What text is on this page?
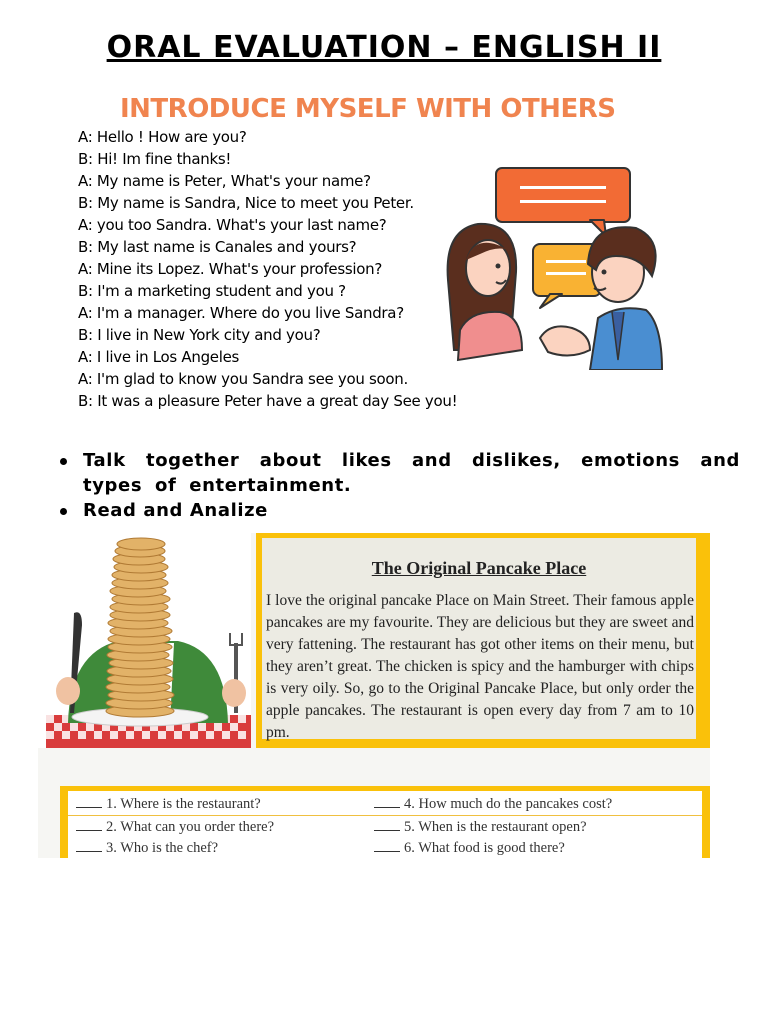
ORAL EVALUATION – ENGLISH II
INTRODUCE MYSELF WITH OTHERS
A: Hello ! How are you?
B: Hi! Im fine thanks!
A: My name is Peter, What's your name?
B: My name is Sandra, Nice to meet you Peter.
A: you too Sandra. What's your last name?
B: My last name is Canales and yours?
A: Mine its Lopez. What's your profession?
B: I'm a marketing student and you ?
A: I'm a manager. Where do you live Sandra?
B: I live in New York city and you?
A: I live in Los Angeles
A: I'm glad to know you Sandra see you soon.
B: It was a pleasure Peter have a great day See you!
Talk together about likes and dislikes, emotions and types of entertainment.
Read and Analize
The Original Pancake Place

I love the original pancake Place on Main Street. Their famous apple pancakes are my favourite. They are delicious but they are sweet and very fattening. The restaurant has got other items on their menu, but they aren’t great. The chicken is spicy and the hamburger with chips is very oily. So, go to the Original Pancake Place, but only order the apple pancakes. The restaurant is open every day from 7 am to 10 pm.

1. Where is the restaurant?
2. What can you order there?
3. Who is the chef?
4. How much do the pancakes cost?
5. When is the restaurant open?
6. What food is good there?
